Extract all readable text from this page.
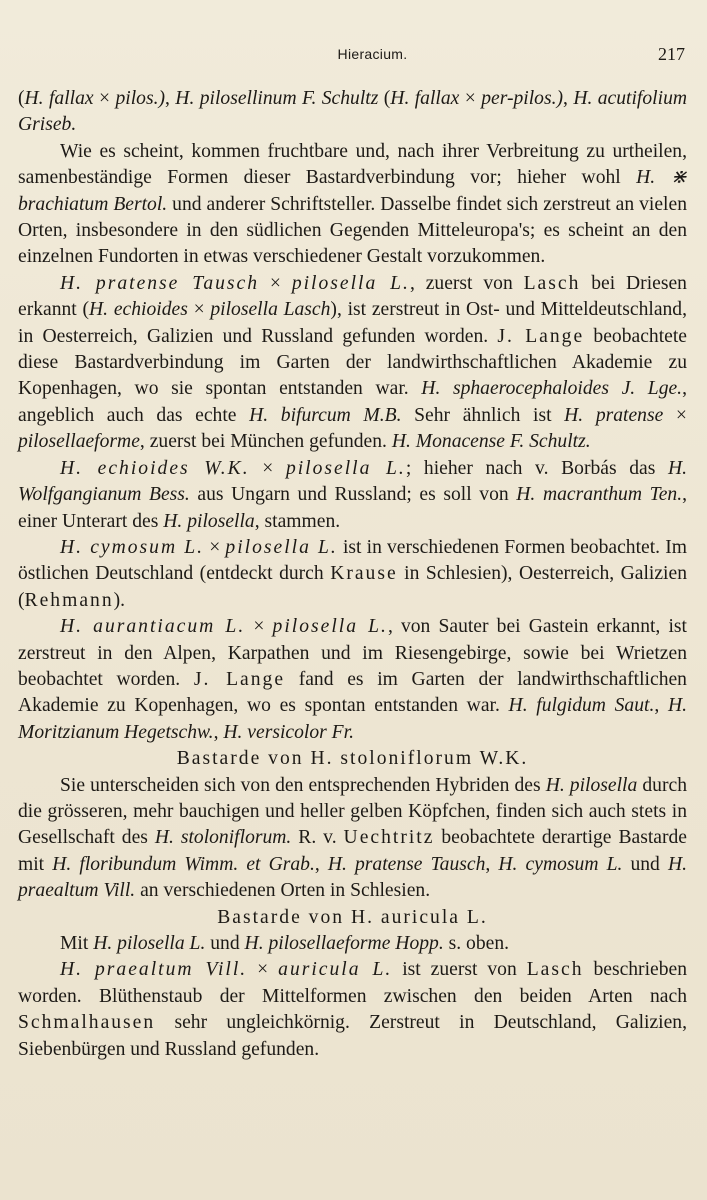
Hieracium.	217

(H. fallax × pilos.), H. pilosellinum F. Schultz (H. fallax × per-pilos.), H. acutifolium Griseb.

Wie es scheint, kommen fruchtbare und, nach ihrer Verbreitung zu urtheilen, samenbeständige Formen dieser Bastardverbindung vor; hieher wohl H. ⋇ brachiatum Bertol. und anderer Schriftsteller. Dasselbe findet sich zerstreut an vielen Orten, insbesondere in den südlichen Gegenden Mitteleuropa's; es scheint an den einzelnen Fundorten in etwas verschiedener Gestalt vorzukommen.

H. pratense Tausch × pilosella L., zuerst von Lasch bei Driesen erkannt (H. echioides × pilosella Lasch), ist zerstreut in Ost- und Mitteldeutschland, in Oesterreich, Galizien und Russland gefunden worden. J. Lange beobachtete diese Bastardverbindung im Garten der landwirthschaftlichen Akademie zu Kopenhagen, wo sie spontan entstanden war. H. sphaerocephaloides J. Lge., angeblich auch das echte H. bifurcum M.B. Sehr ähnlich ist H. pratense × pilosellaeforme, zuerst bei München gefunden. H. Monacense F. Schultz.

H. echioides W.K. × pilosella L.; hieher nach v. Borbás das H. Wolfgangianum Bess. aus Ungarn und Russland; es soll von H. macranthum Ten., einer Unterart des H. pilosella, stammen.

H. cymosum L. × pilosella L. ist in verschiedenen Formen beobachtet. Im östlichen Deutschland (entdeckt durch Krause in Schlesien), Oesterreich, Galizien (Rehmann).

H. aurantiacum L. × pilosella L., von Sauter bei Gastein erkannt, ist zerstreut in den Alpen, Karpathen und im Riesengebirge, sowie bei Wrietzen beobachtet worden. J. Lange fand es im Garten der landwirthschaftlichen Akademie zu Kopenhagen, wo es spontan entstanden war. H. fulgidum Saut., H. Moritzianum Hegetschw., H. versicolor Fr.

Bastarde von H. stoloniflorum W.K.

Sie unterscheiden sich von den entsprechenden Hybriden des H. pilosella durch die grösseren, mehr bauchigen und heller gelben Köpfchen, finden sich auch stets in Gesellschaft des H. stoloniflorum. R. v. Uechtritz beobachtete derartige Bastarde mit H. floribundum Wimm. et Grab., H. pratense Tausch, H. cymosum L. und H. praealtum Vill. an verschiedenen Orten in Schlesien.

Bastarde von H. auricula L.

Mit H. pilosella L. und H. pilosellaeforme Hopp. s. oben.

H. praealtum Vill. × auricula L. ist zuerst von Lasch beschrieben worden. Blüthenstaub der Mittelformen zwischen den beiden Arten nach Schmalhausen sehr ungleichkörnig. Zerstreut in Deutschland, Galizien, Siebenbürgen und Russland gefunden.
